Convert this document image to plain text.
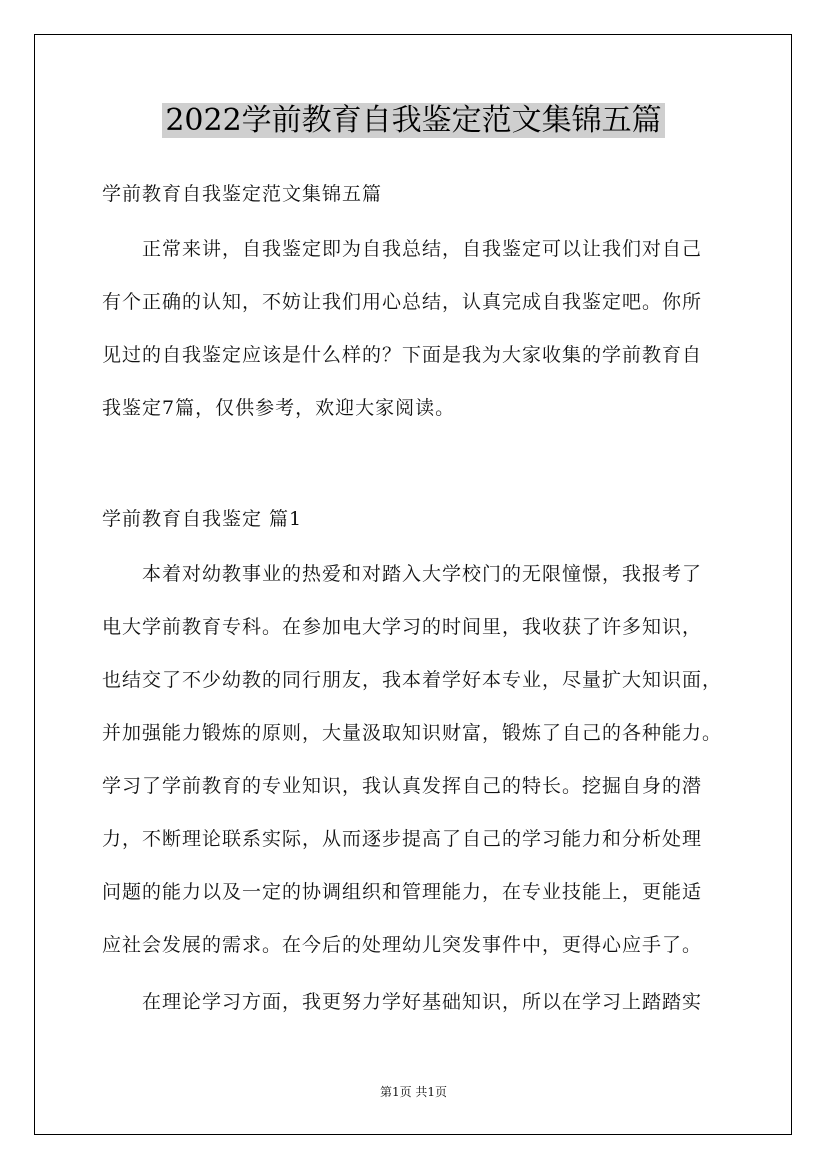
2022学前教育自我鉴定范文集锦五篇
学前教育自我鉴定范文集锦五篇
正常来讲，自我鉴定即为自我总结，自我鉴定可以让我们对自己
有个正确的认知，不妨让我们用心总结，认真完成自我鉴定吧。你所
见过的自我鉴定应该是什么样的？下面是我为大家收集的学前教育自
我鉴定7篇，仅供参考，欢迎大家阅读。
学前教育自我鉴定 篇1
本着对幼教事业的热爱和对踏入大学校门的无限憧憬，我报考了
电大学前教育专科。在参加电大学习的时间里，我收获了许多知识，
也结交了不少幼教的同行朋友，我本着学好本专业，尽量扩大知识面，
并加强能力锻炼的原则，大量汲取知识财富，锻炼了自己的各种能力。
学习了学前教育的专业知识，我认真发挥自己的特长。挖掘自身的潜
力，不断理论联系实际，从而逐步提高了自己的学习能力和分析处理
问题的能力以及一定的协调组织和管理能力，在专业技能上，更能适
应社会发展的需求。在今后的处理幼儿突发事件中，更得心应手了。
在理论学习方面，我更努力学好基础知识，所以在学习上踏踏实
第1页 共1页
